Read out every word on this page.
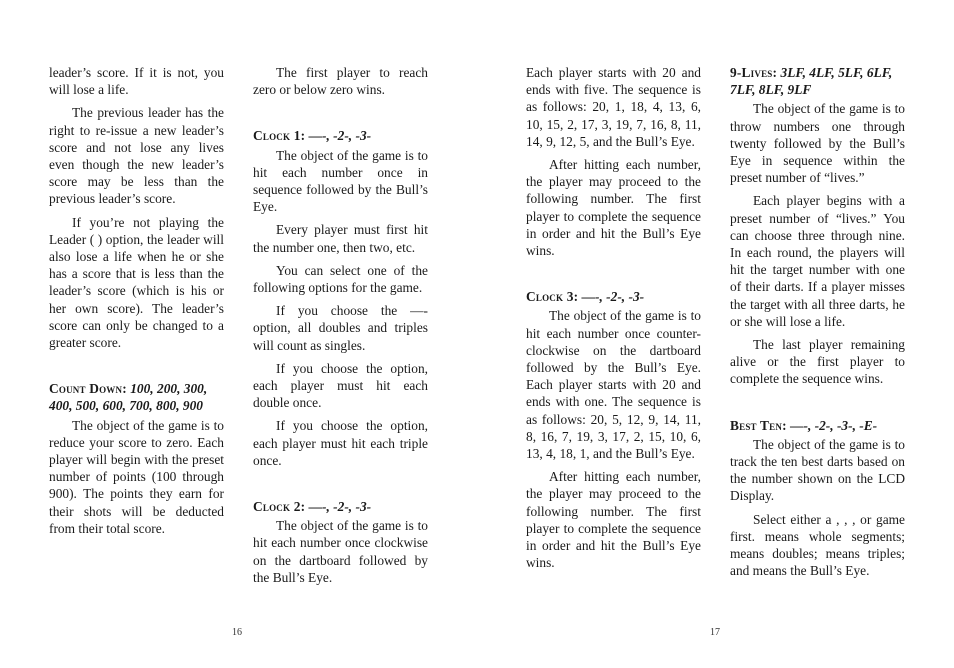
leader’s score. If it is not, you will lose a life.

The previous leader has the right to re-issue a new leader’s score and not lose any lives even though the new leader’s score may be less than the previous leader’s score.

If you’re not playing the Leader ( ) option, the leader will also lose a life when he or she has a score that is less than the leader’s score (which is his or her own score). The leader’s score can only be changed to a greater score.

Count Down: 100, 200, 300, 400, 500, 600, 700, 800, 900

The object of the game is to reduce your score to zero. Each player will begin with the preset number of points (100 through 900). The points they earn for their shots will be deducted from their total score.

The first player to reach zero or below zero wins.

Clock 1: —-, -2-, -3-

The object of the game is to hit each number once in sequence followed by the Bull’s Eye.

Every player must first hit the number one, then two, etc.

You can select one of the following options for the game.

If you choose the —- option, all doubles and triples will count as singles.

If you choose the option, each player must hit each double once.

If you choose the option, each player must hit each triple once.

Clock 2: —-, -2-, -3-

The object of the game is to hit each number once clockwise on the dartboard followed by the Bull’s Eye.

16

Each player starts with 20 and ends with five. The sequence is as follows: 20, 1, 18, 4, 13, 6, 10, 15, 2, 17, 3, 19, 7, 16, 8, 11, 14, 9, 12, 5, and the Bull’s Eye.

After hitting each number, the player may proceed to the following number. The first player to complete the sequence in order and hit the Bull’s Eye wins.

Clock 3: —-, -2-, -3-

The object of the game is to hit each number once counter-clockwise on the dartboard followed by the Bull’s Eye. Each player starts with 20 and ends with one. The sequence is as follows: 20, 5, 12, 9, 14, 11, 8, 16, 7, 19, 3, 17, 2, 15, 10, 6, 13, 4, 18, 1, and the Bull’s Eye.

After hitting each number, the player may proceed to the following number. The first player to complete the sequence in order and hit the Bull’s Eye wins.

9-Lives: 3LF, 4LF, 5LF, 6LF, 7LF, 8LF, 9LF

The object of the game is to throw numbers one through twenty followed by the Bull’s Eye in sequence within the preset number of “lives.”

Each player begins with a preset number of “lives.” You can choose three through nine. In each round, the players will hit the target number with one of their darts. If a player misses the target with all three darts, he or she will lose a life.

The last player remaining alive or the first player to complete the sequence wins.

Best Ten: —-, -2-, -3-, -E-

The object of the game is to track the ten best darts based on the number shown on the LCD Display.

Select either a , , , or game first. means whole segments; means doubles; means triples; and means the Bull’s Eye.

17
